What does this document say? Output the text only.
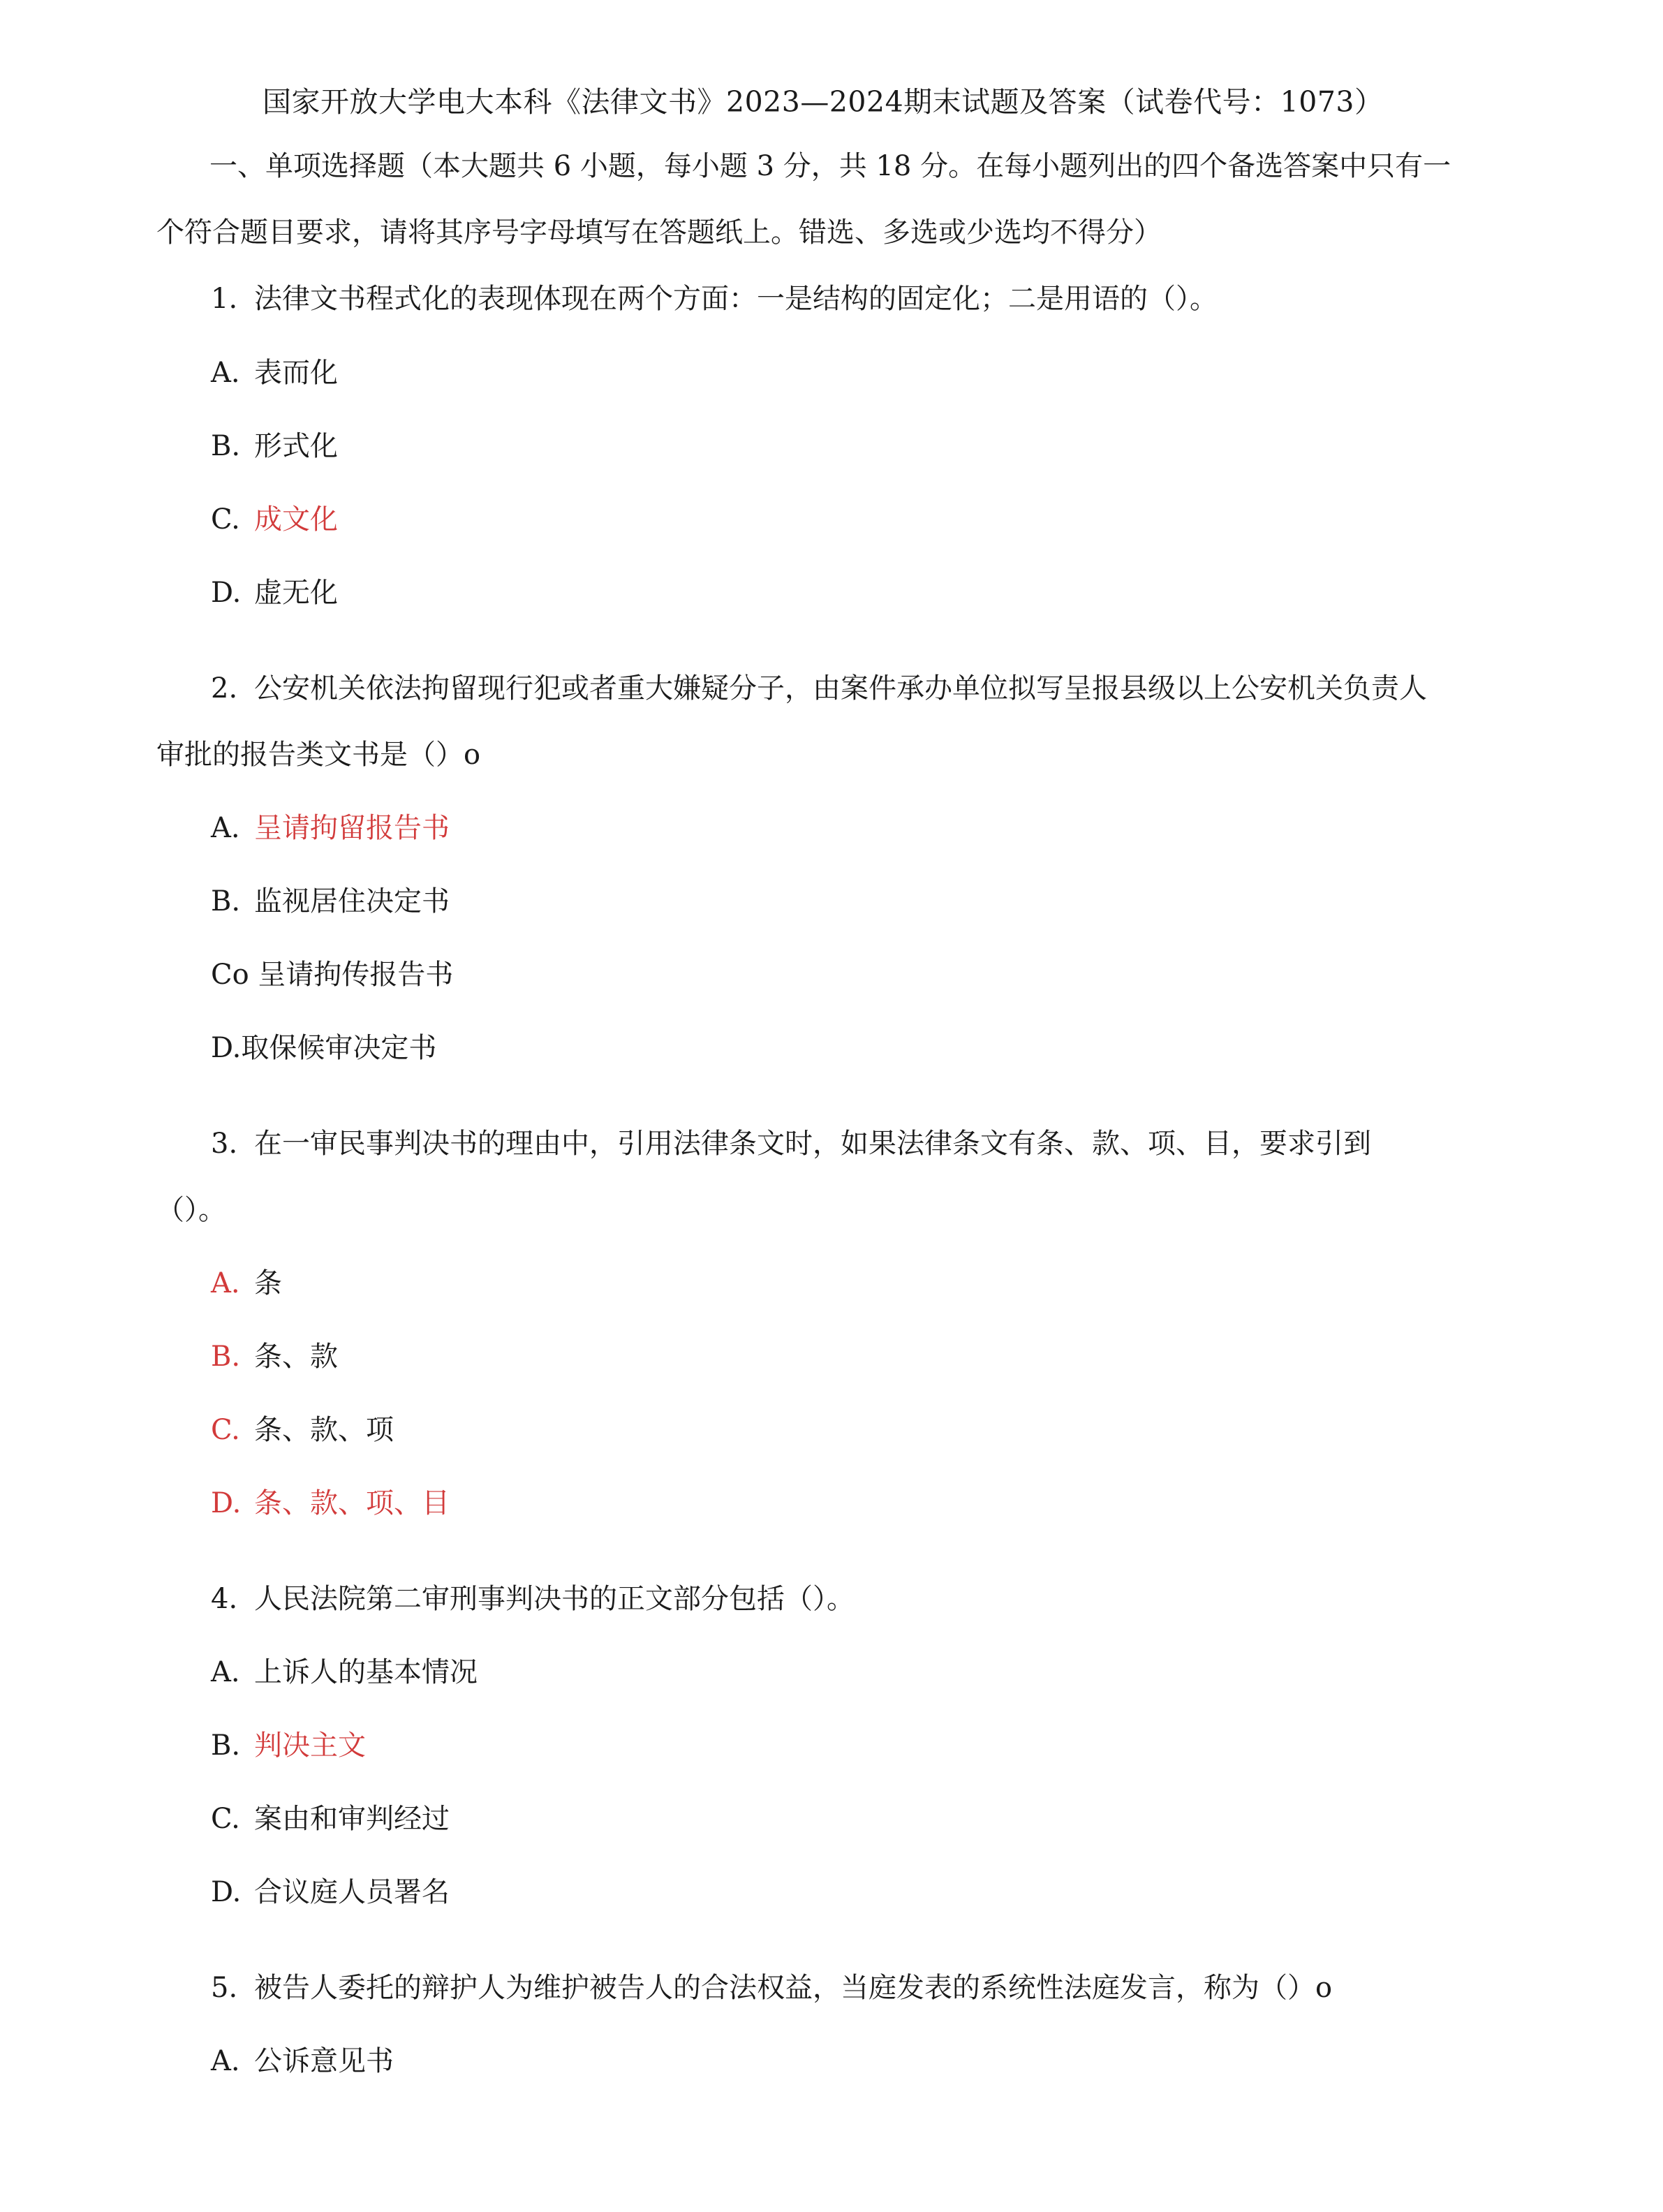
国家开放大学电大本科《法律文书》2023—2024期末试题及答案（试卷代号：1073）
一、单项选择题（本大题共 6 小题，每小题 3 分，共 18 分。在每小题列出的四个备选答案中只有一
个符合题目要求，请将其序号字母填写在答题纸上。错选、多选或少选均不得分）
1. 法律文书程式化的表现体现在两个方面：一是结构的固定化；二是用语的（）。
A. 表而化
B. 形式化
C. 成文化
D. 虚无化
2. 公安机关依法拘留现行犯或者重大嫌疑分子，由案件承办单位拟写呈报县级以上公安机关负责人
审批的报告类文书是（）o
A. 呈请拘留报告书
B. 监视居住决定书
Co 呈请拘传报告书
D.取保候审决定书
3. 在一审民事判决书的理由中，引用法律条文时，如果法律条文有条、款、项、目，要求引到
（）。
A. 条
B. 条、款
C. 条、款、项
D. 条、款、项、目
4. 人民法院第二审刑事判决书的正文部分包括（）。
A. 上诉人的基本情况
B. 判决主文
C. 案由和审判经过
D. 合议庭人员署名
5. 被告人委托的辩护人为维护被告人的合法权益，当庭发表的系统性法庭发言，称为（）o
A. 公诉意见书
